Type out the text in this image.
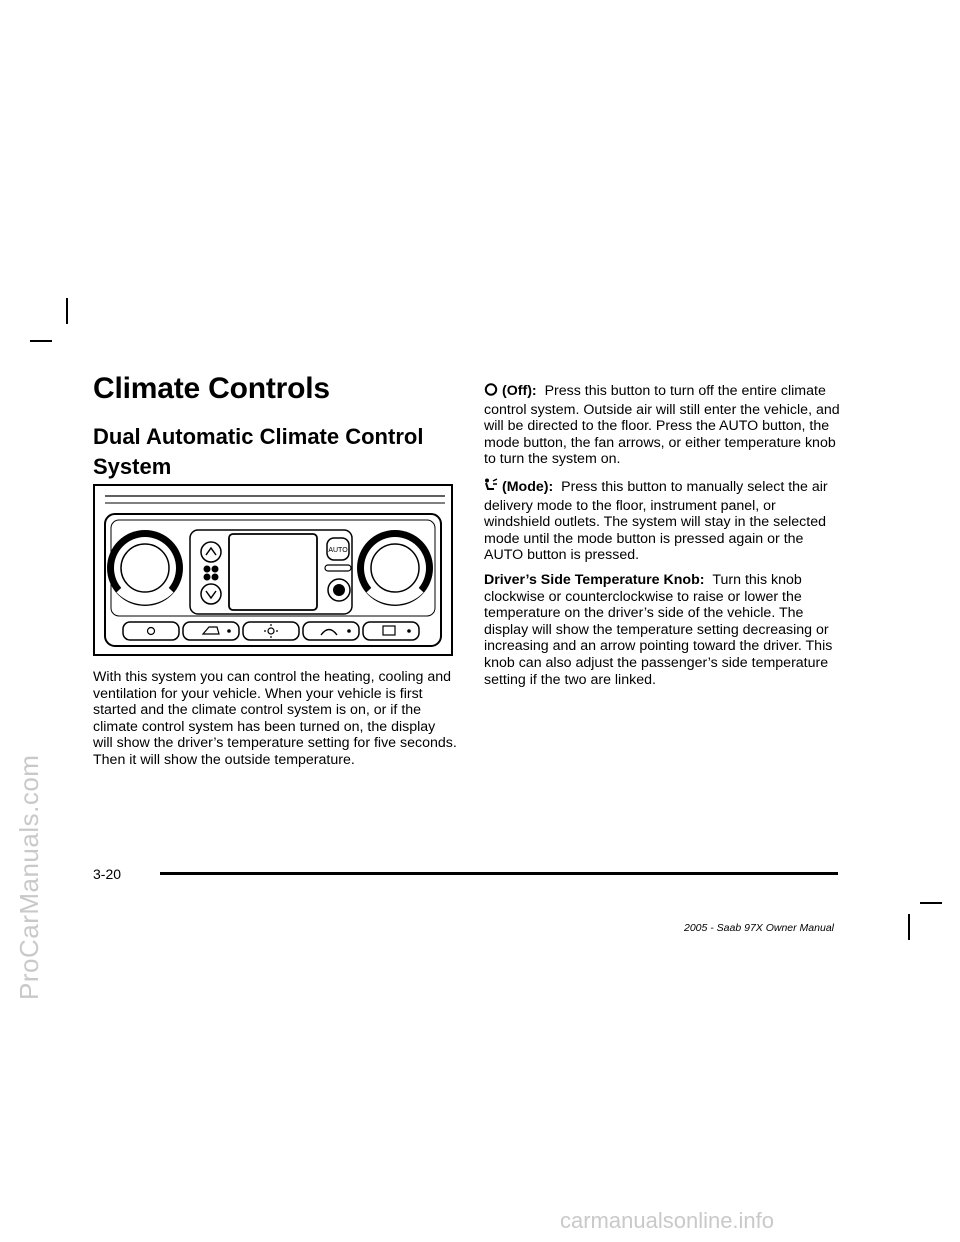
ProCarManuals.com
carmanualsonline.info
Climate Controls
Dual Automatic Climate Control System
AUTO

With this system you can control the heating, cooling and ventilation for your vehicle. When your vehicle is first started and the climate control system is on, or if the climate control system has been turned on, the display will show the driver’s temperature setting for five seconds. Then it will show the outside temperature.

(Off): Press this button to turn off the entire climate control system. Outside air will still enter the vehicle, and will be directed to the floor. Press the AUTO button, the mode button, the fan arrows, or either temperature knob to turn the system on.

(Mode): Press this button to manually select the air delivery mode to the floor, instrument panel, or windshield outlets. The system will stay in the selected mode until the mode button is pressed again or the AUTO button is pressed.

Driver’s Side Temperature Knob: Turn this knob clockwise or counterclockwise to raise or lower the temperature on the driver’s side of the vehicle. The display will show the temperature setting decreasing or increasing and an arrow pointing toward the driver. This knob can also adjust the passenger’s side temperature setting if the two are linked.

3-20
2005 - Saab 97X Owner Manual
